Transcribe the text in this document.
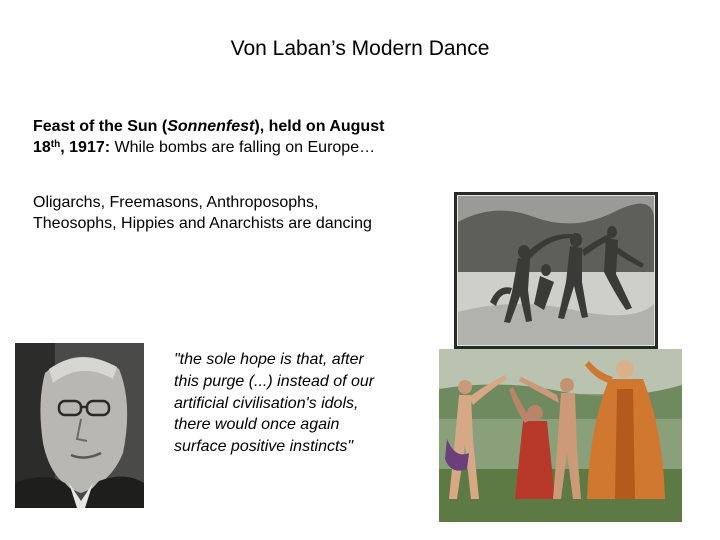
Von Laban’s Modern Dance
Feast of the Sun (Sonnenfest), held on August 18th, 1917: While bombs are falling on Europe…
Oligarchs, Freemasons, Anthroposophs, Theosophs, Hippies and Anarchists are dancing
"the sole hope is that, after this purge (...) instead of our artificial civilisation's idols, there would once again surface positive instincts"
